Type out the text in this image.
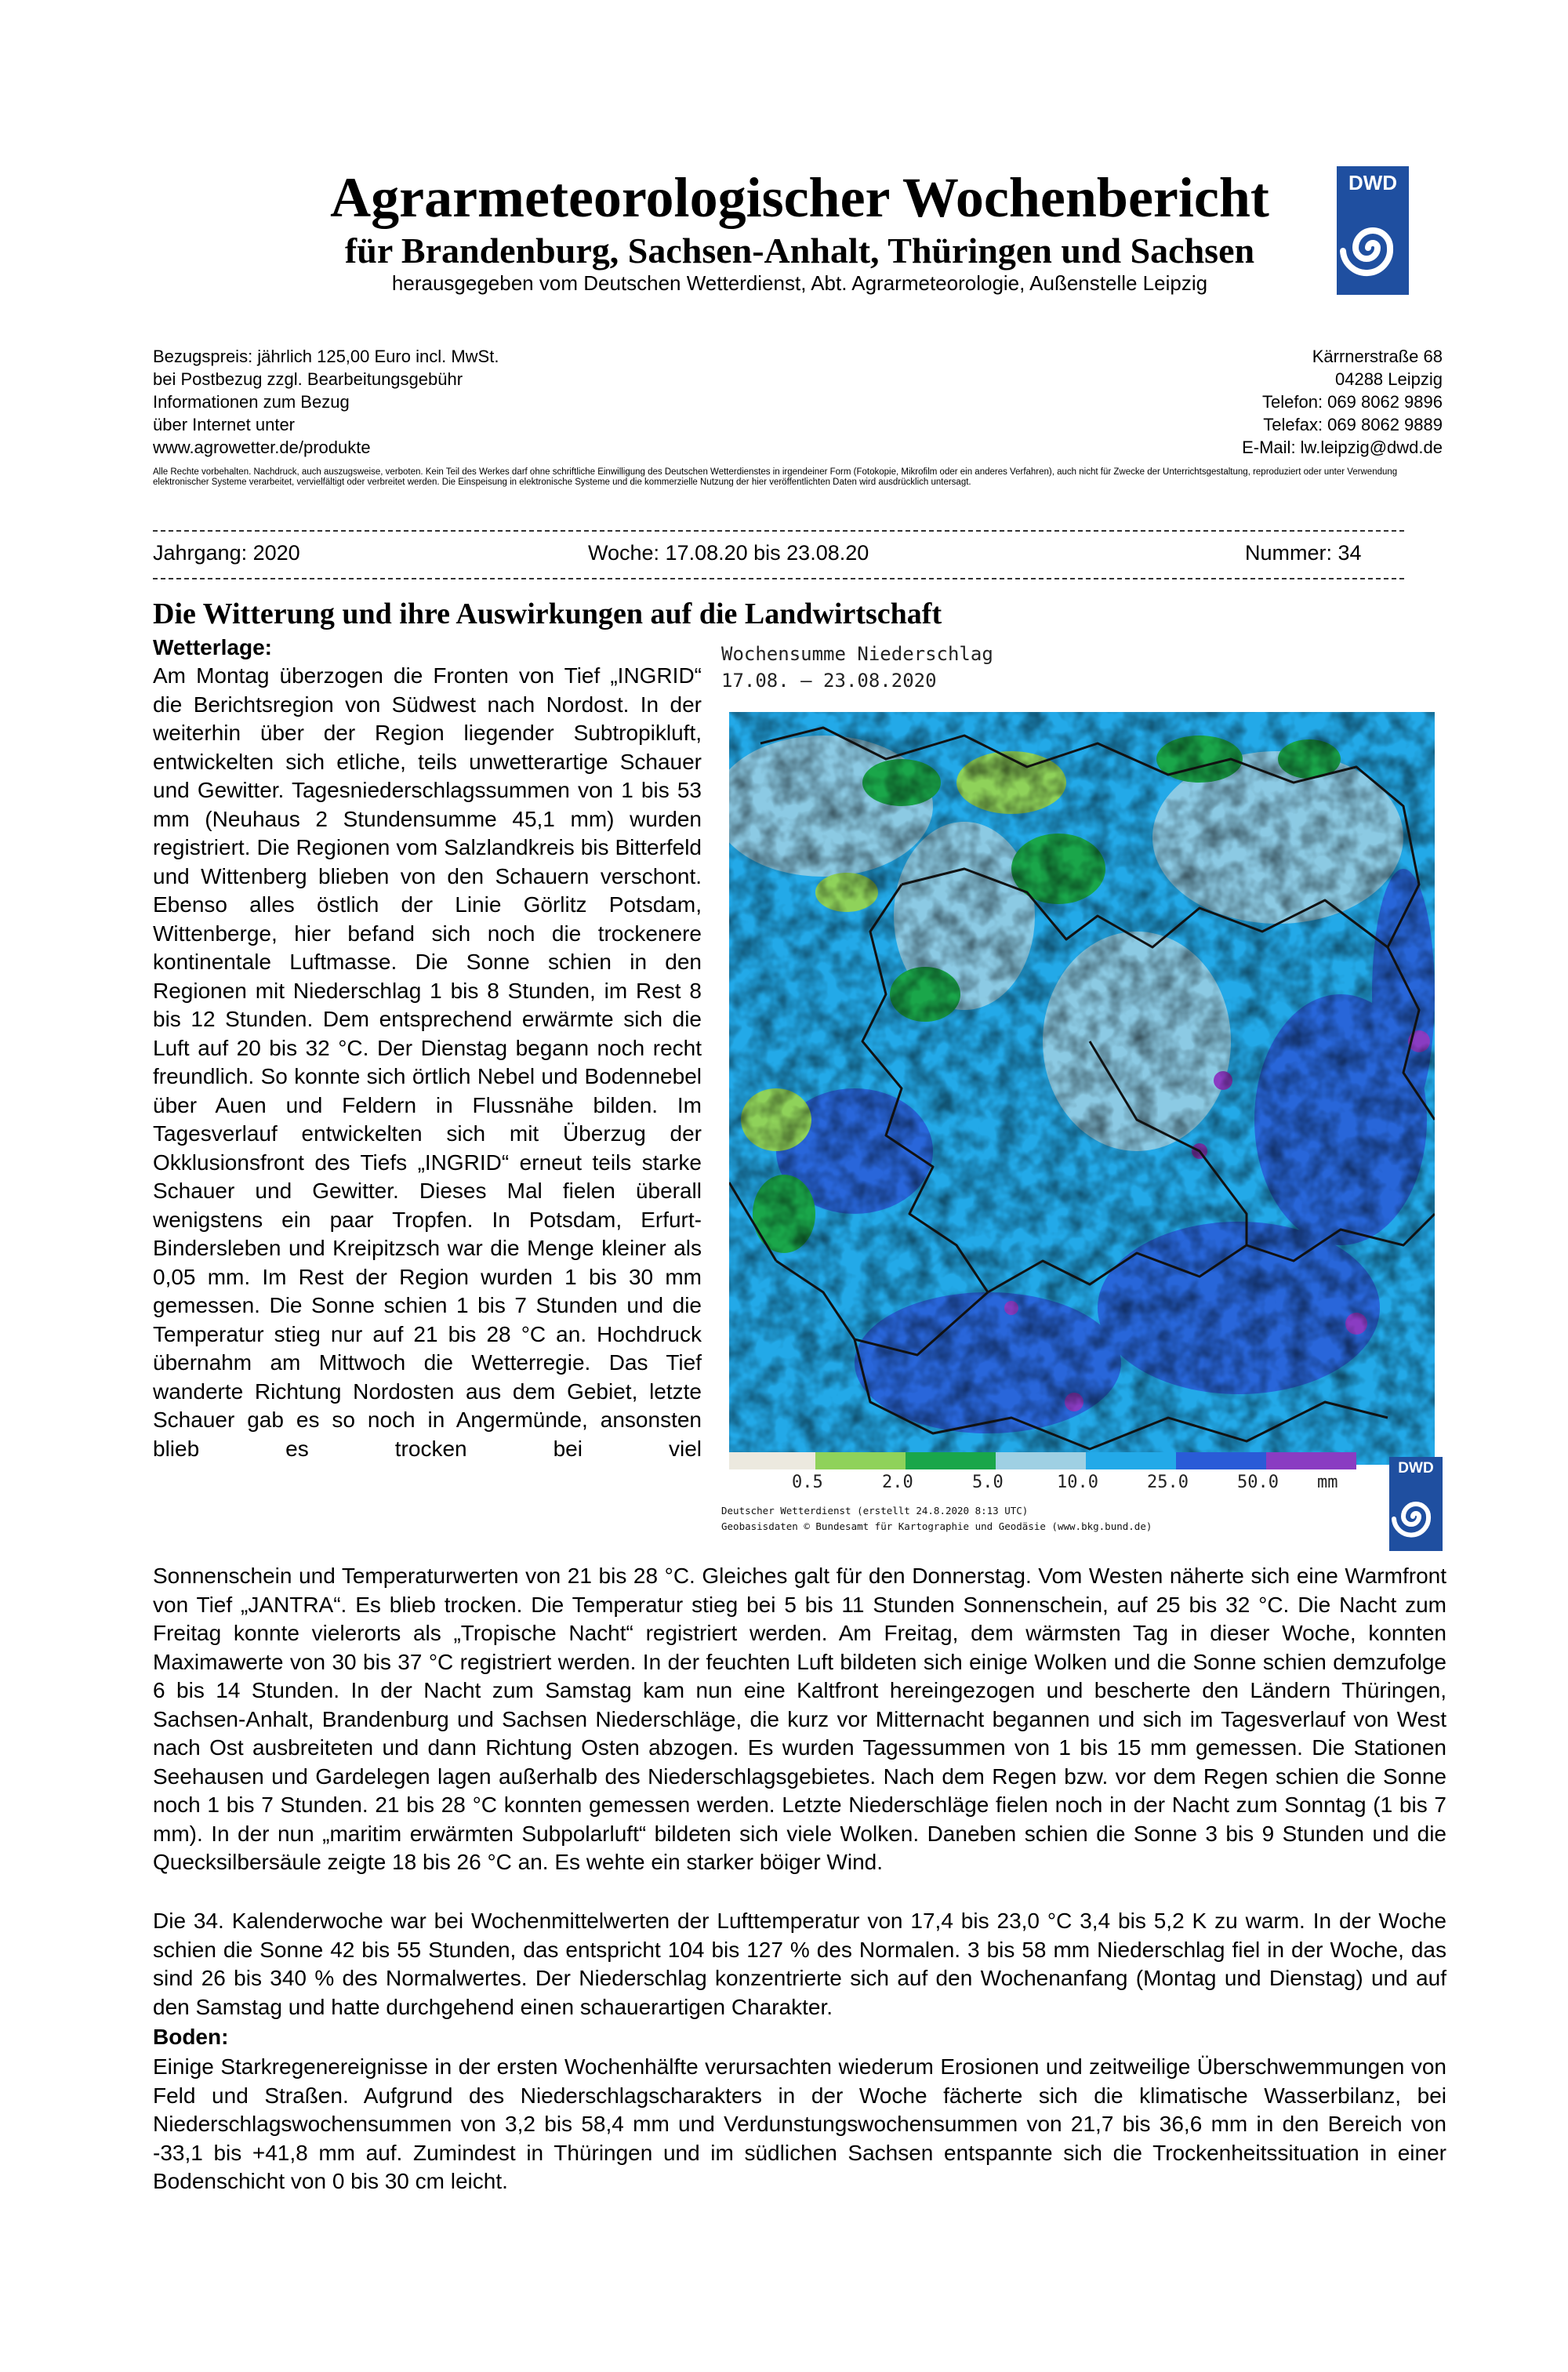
Agrarmeteorologischer Wochenbericht
für Brandenburg, Sachsen-Anhalt, Thüringen und Sachsen
herausgegeben vom Deutschen Wetterdienst, Abt. Agrarmeteorologie, Außenstelle Leipzig
DWD
Bezugspreis: jährlich 125,00 Euro incl. MwSt.
bei Postbezug zzgl. Bearbeitungsgebühr
Informationen zum Bezug
über Internet unter
www.agrowetter.de/produkte
Kärrnerstraße 68
04288 Leipzig
Telefon: 069 8062 9896
Telefax: 069 8062 9889
E-Mail: lw.leipzig@dwd.de
Alle Rechte vorbehalten. Nachdruck, auch auszugsweise, verboten. Kein Teil des Werkes darf ohne schriftliche Einwilligung des Deutschen Wetterdienstes in irgendeiner Form (Fotokopie, Mikrofilm oder ein anderes Verfahren), auch nicht für Zwecke der Unterrichtsgestaltung, reproduziert oder unter Verwendung elektronischer Systeme verarbeitet, vervielfältigt oder verbreitet werden. Die Einspeisung in elektronische Systeme und die kommerzielle Nutzung der hier veröffentlichten Daten wird ausdrücklich untersagt.
Jahrgang: 2020	Woche: 17.08.20 bis 23.08.20	Nummer: 34
Die Witterung und ihre Auswirkungen auf die Landwirtschaft
Wetterlage:
Am Montag überzogen die Fronten von Tief „INGRID“ die Berichtsregion von Südwest nach Nordost. In der weiterhin über der Region liegender Subtropikluft, entwickelten sich etliche, teils unwetterartige Schauer und Gewitter. Tagesniederschlagssummen von 1 bis 53 mm (Neuhaus 2 Stundensumme 45,1 mm) wurden registriert. Die Regionen vom Salzlandkreis bis Bitterfeld und Wittenberg blieben von den Schauern verschont. Ebenso alles östlich der Linie Görlitz Potsdam, Wittenberge, hier befand sich noch die trockenere kontinentale Luftmasse. Die Sonne schien in den Regionen mit Niederschlag 1 bis 8 Stunden, im Rest 8 bis 12 Stunden. Dem entsprechend erwärmte sich die Luft auf 20 bis 32 °C. Der Dienstag begann noch recht freundlich. So konnte sich örtlich Nebel und Bodennebel über Auen und Feldern in Flussnähe bilden. Im Tagesverlauf entwickelten sich mit Überzug der Okklusionsfront des Tiefs „INGRID“ erneut teils starke Schauer und Gewitter. Dieses Mal fielen überall wenigstens ein paar Tropfen. In Potsdam, Erfurt-Bindersleben und Kreipitzsch war die Menge kleiner als 0,05 mm. Im Rest der Region wurden 1 bis 30 mm gemessen. Die Sonne schien 1 bis 7 Stunden und die Temperatur stieg nur auf 21 bis 28 °C an. Hochdruck übernahm am Mittwoch die Wetterregie. Das Tief wanderte Richtung Nordosten aus dem Gebiet, letzte Schauer gab es so noch in Angermünde, ansonsten blieb es trocken bei viel
Wochensumme Niederschlag
17.08. – 23.08.2020
0.5	2.0	5.0	10.0	25.0	50.0 mm
Deutscher Wetterdienst (erstellt 24.8.2020 8:13 UTC)
Geobasisdaten © Bundesamt für Kartographie und Geodäsie (www.bkg.bund.de)
DWD
Sonnenschein und Temperaturwerten von 21 bis 28 °C. Gleiches galt für den Donnerstag. Vom Westen näherte sich eine Warmfront von Tief „JANTRA“. Es blieb trocken. Die Temperatur stieg bei 5 bis 11 Stunden Sonnenschein, auf 25 bis 32 °C. Die Nacht zum Freitag konnte vielerorts als „Tropische Nacht“ registriert werden. Am Freitag, dem wärmsten Tag in dieser Woche, konnten Maximawerte von 30 bis 37 °C registriert werden. In der feuchten Luft bildeten sich einige Wolken und die Sonne schien demzufolge 6 bis 14 Stunden. In der Nacht zum Samstag kam nun eine Kaltfront hereingezogen und bescherte den Ländern Thüringen, Sachsen-Anhalt, Brandenburg und Sachsen Niederschläge, die kurz vor Mitternacht begannen und sich im Tagesverlauf von West nach Ost ausbreiteten und dann Richtung Osten abzogen. Es wurden Tagessummen von 1 bis 15 mm gemessen. Die Stationen Seehausen und Gardelegen lagen außerhalb des Niederschlagsgebietes. Nach dem Regen bzw. vor dem Regen schien die Sonne noch 1 bis 7 Stunden. 21 bis 28 °C konnten gemessen werden. Letzte Niederschläge fielen noch in der Nacht zum Sonntag (1 bis 7 mm). In der nun „maritim erwärmten Subpolarluft“ bildeten sich viele Wolken. Daneben schien die Sonne 3 bis 9 Stunden und die Quecksilbersäule zeigte 18 bis 26 °C an. Es wehte ein starker böiger Wind.
Die 34. Kalenderwoche war bei Wochenmittelwerten der Lufttemperatur von 17,4 bis 23,0 °C 3,4 bis 5,2 K zu warm. In der Woche schien die Sonne 42 bis 55 Stunden, das entspricht 104 bis 127 % des Normalen. 3 bis 58 mm Niederschlag fiel in der Woche, das sind 26 bis 340 % des Normalwertes. Der Niederschlag konzentrierte sich auf den Wochenanfang (Montag und Dienstag) und auf den Samstag und hatte durchgehend einen schauerartigen Charakter.
Boden:
Einige Starkregenereignisse in der ersten Wochenhälfte verursachten wiederum Erosionen und zeitweilige Überschwemmungen von Feld und Straßen. Aufgrund des Niederschlagscharakters in der Woche fächerte sich die klimatische Wasserbilanz, bei Niederschlagswochensummen von 3,2 bis 58,4 mm und Verdunstungswochensummen von 21,7 bis 36,6 mm in den Bereich von -33,1 bis +41,8 mm auf. Zumindest in Thüringen und im südlichen Sachsen entspannte sich die Trockenheitssituation in einer Bodenschicht von 0 bis 30 cm leicht.
